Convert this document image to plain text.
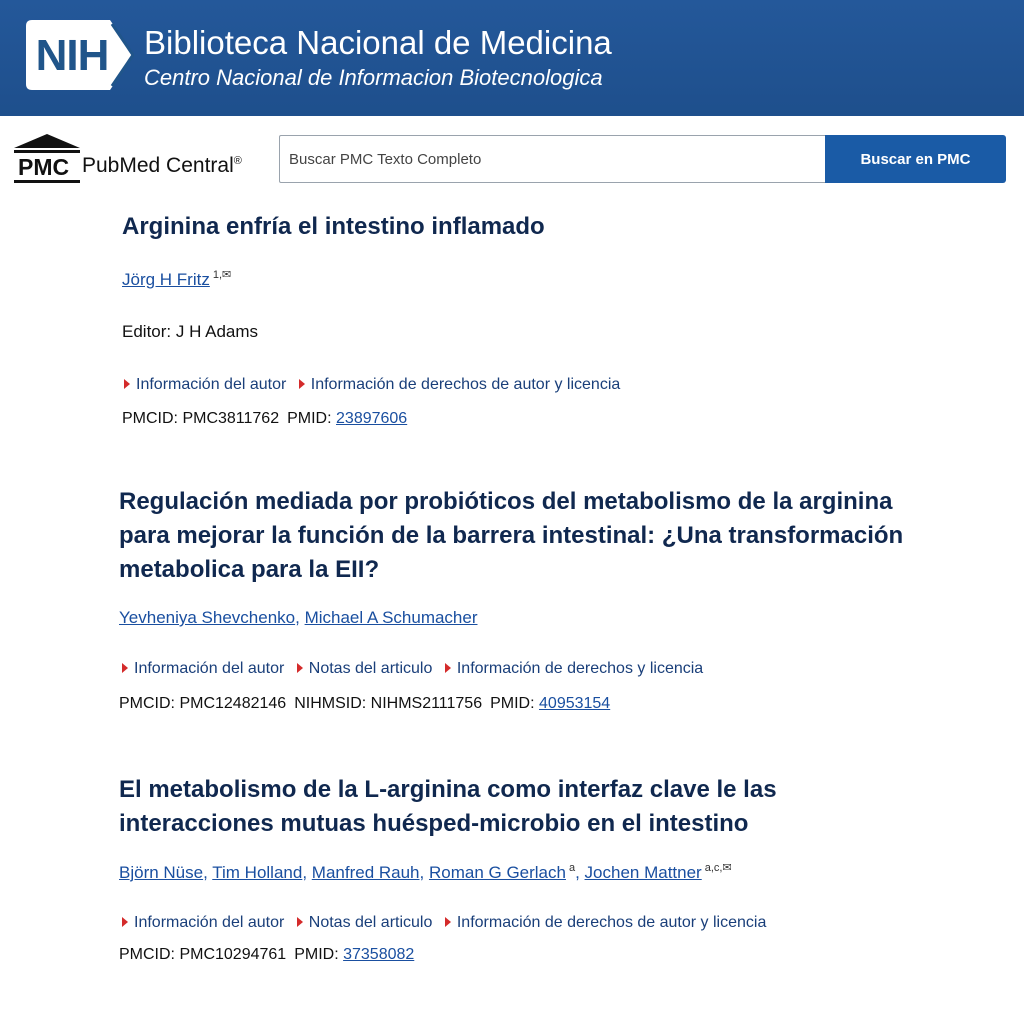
NIH Biblioteca Nacional de Medicina
Centro Nacional de Informacion Biotecnologica
PMC PubMed Central®
Buscar PMC Texto Completo	Buscar en PMC
Arginina enfría el intestino inflamado
Jörg H Fritz $^{1,✉}$
Editor: J H Adams
Información del autor Información de derechos de autor y licencia
PMCID: PMC3811762 PMID: 23897606
Regulación mediada por probióticos del metabolismo de la arginina para mejorar la función de la barrera intestinal: ¿Una transformación metabolica para la EII?
Yevheniya Shevchenko, Michael A Schumacher
Información del autor Notas del articulo Información de derechos y licencia
PMCID: PMC12482146 NIHMSID: NIHMS2111756 PMID: 40953154
El metabolismo de la L-arginina como interfaz clave le las interacciones mutuas huésped-microbio en el intestino
Björn Nüse, Tim Holland, Manfred Rauh, Roman G Gerlach $^a$, Jochen Mattner $^{a,c,✉}$
Información del autor Notas del articulo Información de derechos de autor y licencia
PMCID: PMC10294761 PMID: 37358082
